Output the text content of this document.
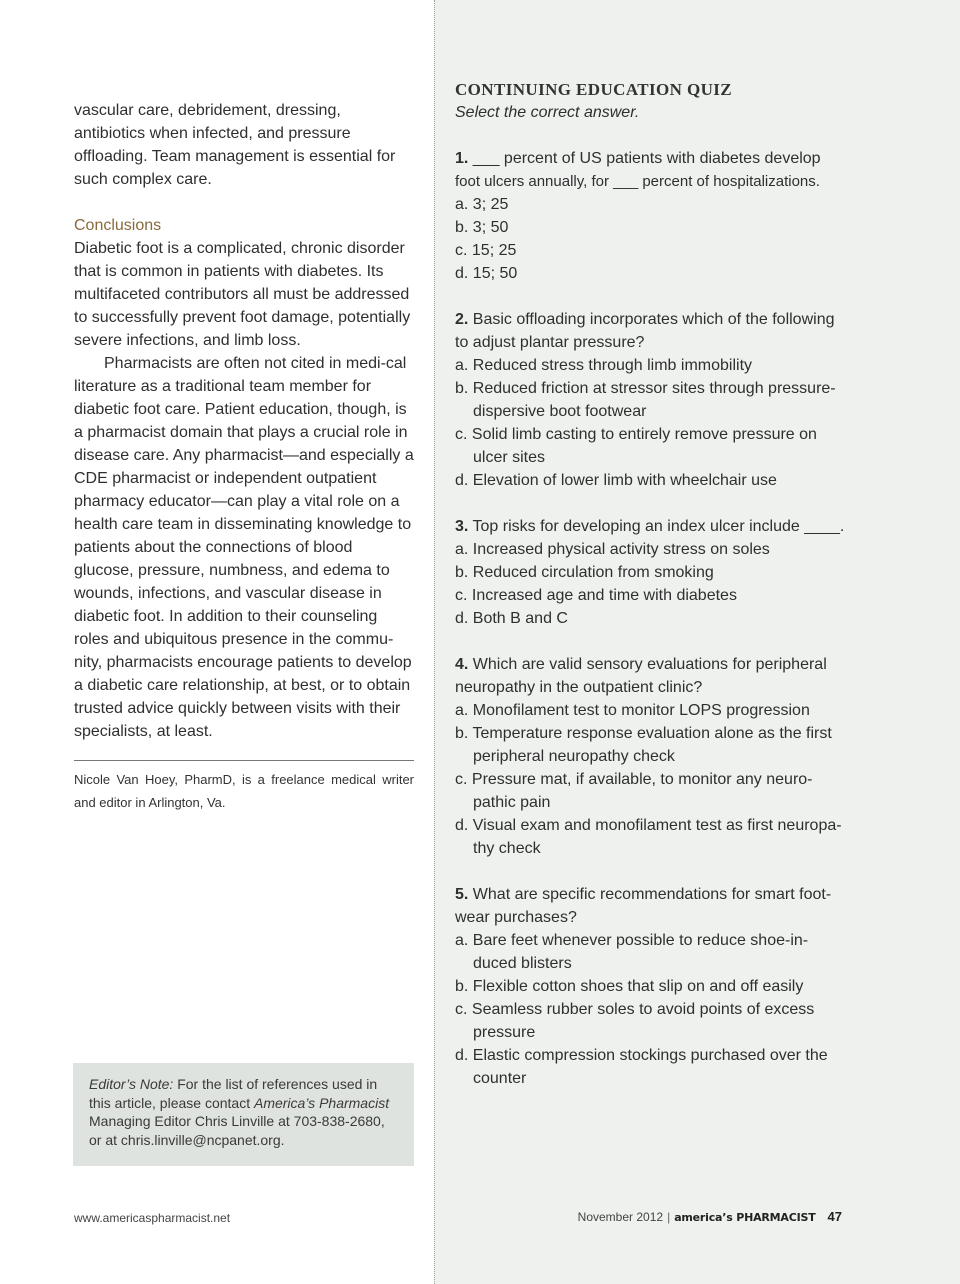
vascular care, debridement, dressing, antibiotics when infected, and pressure offloading. Team management is essential for such complex care.

Conclusions

Diabetic foot is a complicated, chronic disorder that is common in patients with diabetes. Its multifaceted contributors all must be addressed to successfully prevent foot damage, potentially severe infections, and limb loss.

Pharmacists are often not cited in medi-cal literature as a traditional team member for diabetic foot care. Patient education, though, is a pharmacist domain that plays a crucial role in disease care. Any pharmacist—and especially a CDE pharmacist or independent outpatient pharmacy educator—can play a vital role on a health care team in disseminating knowledge to patients about the connections of blood glucose, pressure, numbness, and edema to wounds, infections, and vascular disease in diabetic foot. In addition to their counseling roles and ubiquitous presence in the commu-nity, pharmacists encourage patients to develop a diabetic care relationship, at best, or to obtain trusted advice quickly between visits with their specialists, at least.

Nicole Van Hoey, PharmD, is a freelance medical writer and editor in Arlington, Va.

Editor’s Note: For the list of references used in this article, please contact America’s Pharmacist Managing Editor Chris Linville at 703-838-2680, or at chris.linville@ncpanet.org.

CONTINUING EDUCATION QUIZ

Select the correct answer.

1. ___ percent of US patients with diabetes develop

foot ulcers annually, for ___ percent of hospitalizations.

a. 3; 25

b. 3; 50

c. 15; 25

d. 15; 50

2. Basic offloading incorporates which of the following to adjust plantar pressure?

a. Reduced stress through limb immobility

b. Reduced friction at stressor sites through pressure-dispersive boot footwear

c. Solid limb casting to entirely remove pressure on ulcer sites

d. Elevation of lower limb with wheelchair use

3. Top risks for developing an index ulcer include ____.

a. Increased physical activity stress on soles

b. Reduced circulation from smoking

c. Increased age and time with diabetes

d. Both B and C

4. Which are valid sensory evaluations for peripheral neuropathy in the outpatient clinic?

a. Monofilament test to monitor LOPS progression

b. Temperature response evaluation alone as the first peripheral neuropathy check

c. Pressure mat, if available, to monitor any neuro-pathic pain

d. Visual exam and monofilament test as first neuropa-thy check

5. What are specific recommendations for smart foot-wear purchases?

a. Bare feet whenever possible to reduce shoe-in-duced blisters

b. Flexible cotton shoes that slip on and off easily

c. Seamless rubber soles to avoid points of excess pressure

d. Elastic compression stockings purchased over the counter

www.americaspharmacist.net	November 2012 | america’s PHARMACIST 47
